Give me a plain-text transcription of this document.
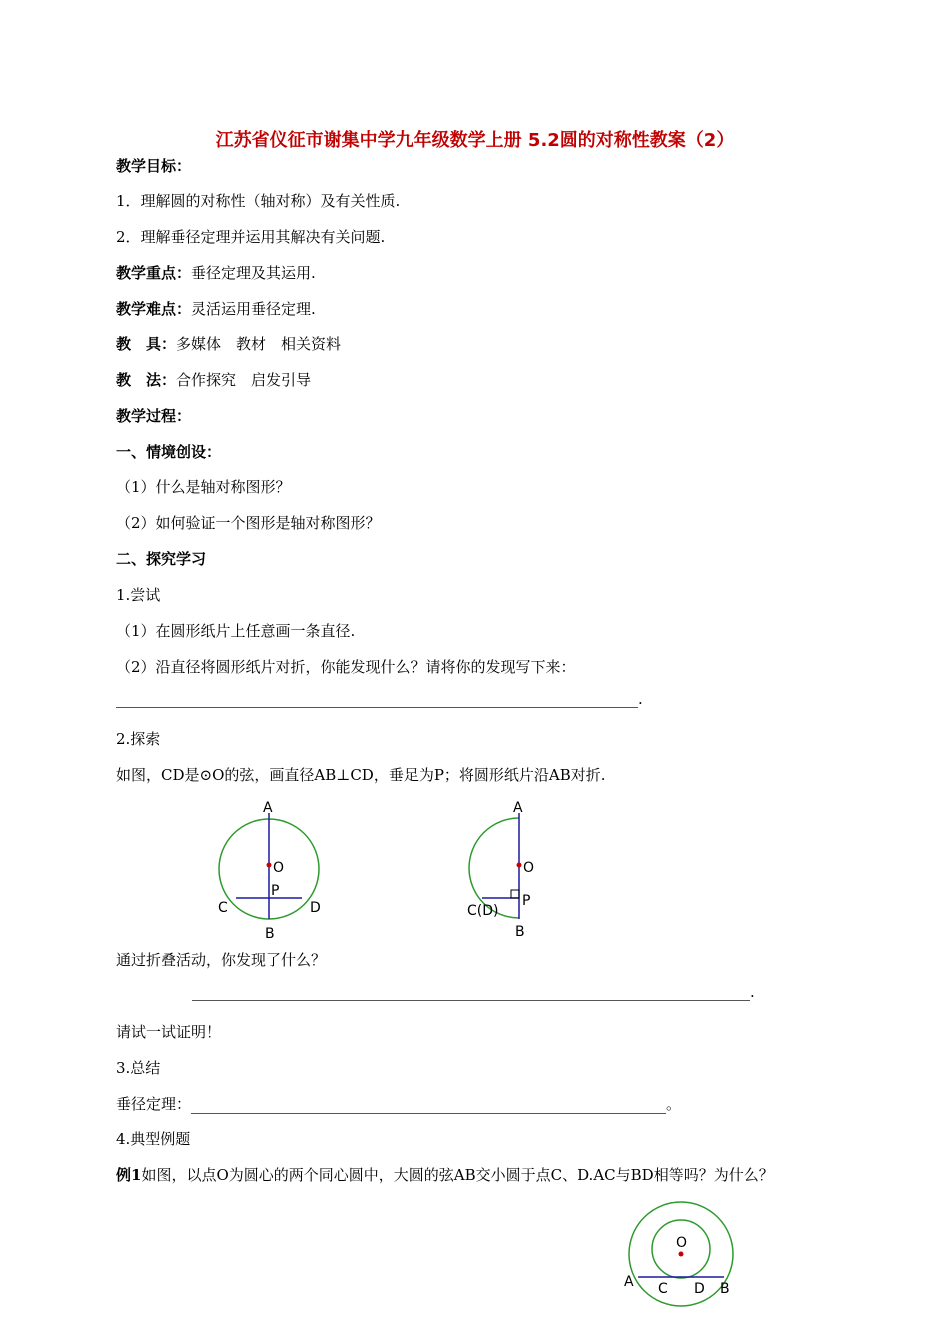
江苏省仪征市谢集中学九年级数学上册 5.2圆的对称性教案（2）
教学目标：
1．理解圆的对称性（轴对称）及有关性质.
2．理解垂径定理并运用其解决有关问题.
教学重点：垂径定理及其运用.
教学难点：灵活运用垂径定理.
教　具：多媒体　教材　相关资料
教　法：合作探究　启发引导
教学过程：
一、情境创设：
（1）什么是轴对称图形？
（2）如何验证一个图形是轴对称图形？
二、探究学习
1.尝试
（1）在圆形纸片上任意画一条直径.
（2）沿直径将圆形纸片对折，你能发现什么？请将你的发现写下来：
.
2.探索
如图，CD是⊙O的弦，画直径AB⊥CD，垂足为P；将圆形纸片沿AB对折.
A
O
P
C	D
B
A
O
P
C(D)
B
通过折叠活动，你发现了什么？
.
请试一试证明！
3.总结
垂径定理：	。
4.典型例题
例1如图，以点O为圆心的两个同心圆中，大圆的弦AB交小圆于点C、D.AC与BD相等吗？为什么？
O
A C D B
